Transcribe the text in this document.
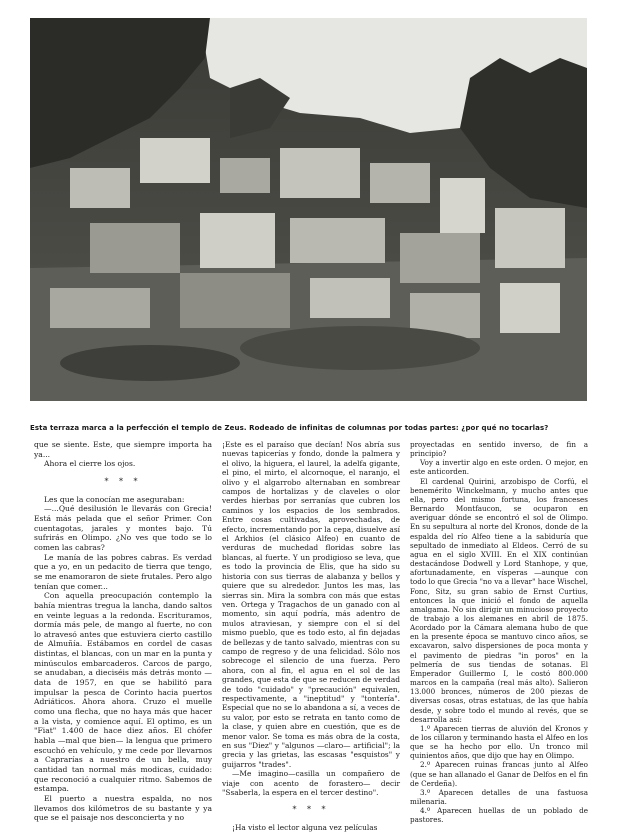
Esta terraza marca a la perfección el templo de Zeus. Rodeado de infinitas de columnas por todas partes: ¿por qué no tocarlas?

que se siente. Este, que siempre importa ha ya...

Ahora el cierre los ojos.

* * *

Les que la conocían me aseguraban:

—...Qué desilusión le llevarás con Grecia! Está más pelada que el señor Primer. Con cuentagotas, jarales y montes bajo. Tú sufrirás en Olimpo. ¿No ves que todo se lo comen las cabras?

Le manía de las pobres cabras. Es verdad que a yo, en un pedacito de tierra que tengo, se me enamoraron de siete frutales. Pero algo tenían que comer...

Con aquella preocupación contemplo la bahía mientras tregua la lancha, dando saltos en veinte leguas a la redonda. Escrituramos, dormía más pele, de mango al fuerte, no con lo atravesó antes que estuviera cierto castillo de Almuñía. Estábamos en cordel de casas distintas, el blancas, con un mar en la punta y minúsculos embarcaderos. Carcos de pargo, se anudaban, a dieciséis más detrás monto —data de 1957, en que se habilitó para impulsar la pesca de Corinto hacia puertos Adriáticos. Ahora ahora. Cruzo el muelle como una flecha, que no haya más que hacer a la vista, y comience aquí. El optimo, es un "Fiat" 1.400 de hace diez años. El chófer habla —mal que bien— la lengua que primero escuchó en vehículo, y me cede por llevarnos a Caprarías a nuestro de un bella, muy cantidad tan normal más modicas, cuidado: que reconoció a cualquier ritmo. Sabemos de estampa.

El puerto a nuestra espalda, no nos llevamos dos kilómetros de su bastante y ya que se el paisaje nos desconcierta y no

¡Este es el paraíso que decían! Nos abría sus nuevas tapicerías y fondo, donde la palmera y el olivo, la higuera, el laurel, la adelfa gigante, el pino, el mirto, el alcornoque, el naranjo, el olivo y el algarrobo alternaban en sombrear campos de hortalizas y de claveles o olor verdes hierbas por serranías que cubren los caminos y los espacios de los sembrados. Entre cosas cultivadas, aprovechadas, de efecto, incrementando por la cepa, disuelve así el Arkhios (el clásico Alfeo) en cuanto de verduras de muchedad floridas sobre las blancas, al fuerte. Y un prodigioso se leva, que es todo la provincia de Elis, que ha sido su historia con sus tierras de alabanza y bellos y quiere que su alrededor. Juntos les mas, las sierras sin. Mira la sombra con más que estas ven. Ortega y Tragachos de un ganado con al momento, sin aquí podría, más adentro de mulos atraviesan, y siempre con el sí del mismo pueblo, que es todo esto, al fin dejadas de bellezas y de tanto salvado, mientras con su campo de regreso y de una felicidad. Sólo nos sobrecoge el silencio de una fuerza. Pero ahora, con al fin, el agua en el sol de las grandes, que esta de que se reducen de verdad de todo "cuidado" y "precaución" equivalen, respectivamente, a "ineptitud" y "tontería". Especial que no se lo abandona a sí, a veces de su valor, por esto se retrata en tanto como de la clase, y quien abre en cuestión, que es de menor valor. Se toma es más obra de la costa, en sus "Diez" y "algunos —claro— artificial"; la grecia y las grietas, las escasas "esquistos" y guijarros "trades".

—Me imagino—casilla un compañero de viaje con acento de forastero— decir "Ssaberla, la espera en el tercer destino".

* * *

¡Ha visto el lector alguna vez películas

proyectadas en sentido inverso, de fin a principio?

Voy a invertir algo en este orden. O mejor, en este anticorden.

El cardenal Quirini, arzobispo de Corfú, el benemérito Winckelmann, y mucho antes que ella, pero del mismo fortuna, los franceses Bernardo Montfaucon, se ocuparon en averiguar dónde se encontró el sol de Olimpo. En su sepultura al norte del Kronos, donde de la espalda del río Alfeo tiene a la sabiduría que sepultado de inmediato al Eldeos. Cerró de su agua en el siglo XVIII. En el XIX continúan destacándose Dodwell y Lord Stanhope, y que, afortunadamente, en vísperas —aunque con todo lo que Grecia "no va a llevar" hace Wischel, Fonc, Sitz, su gran sabio de Ernst Curtius, entonces la que inició el fondo de aquella amalgama. No sin dirigir un minucioso proyecto de trabajo a los alemanes en abril de 1875. Acordado por la Cámara alemana hubo de que en la presente época se mantuvo cinco años, se excavaron, salvo dispersiones de poca monta y el pavimento de piedras "in poros" en la pelmería de sus tiendas de sotanas. El Emperador Guillermo I, le costó 800.000 marcos en la campaña (real más alto). Salieron 13.000 bronces, números de 200 piezas de diversas cosas, otras estatuas, de las que había desde, y sobre todo el mundo al revés, que se desarrolla así:

1.º Aparecen tierras de aluvión del Kronos y de los cillaron y terminando hasta el Alfeo en los que se ha hecho por ello. Un tronco mil quinientos años, que dijo que hay en Olimpo.

2.º Aparecen ruinas francas junto al Alfeo (que se han allanado el Ganar de Delfos en el fin de Cerdeña).

3.º Aparecen detalles de una fastuosa milenaria.

4.º Aparecen huellas de un poblado de pastores.
